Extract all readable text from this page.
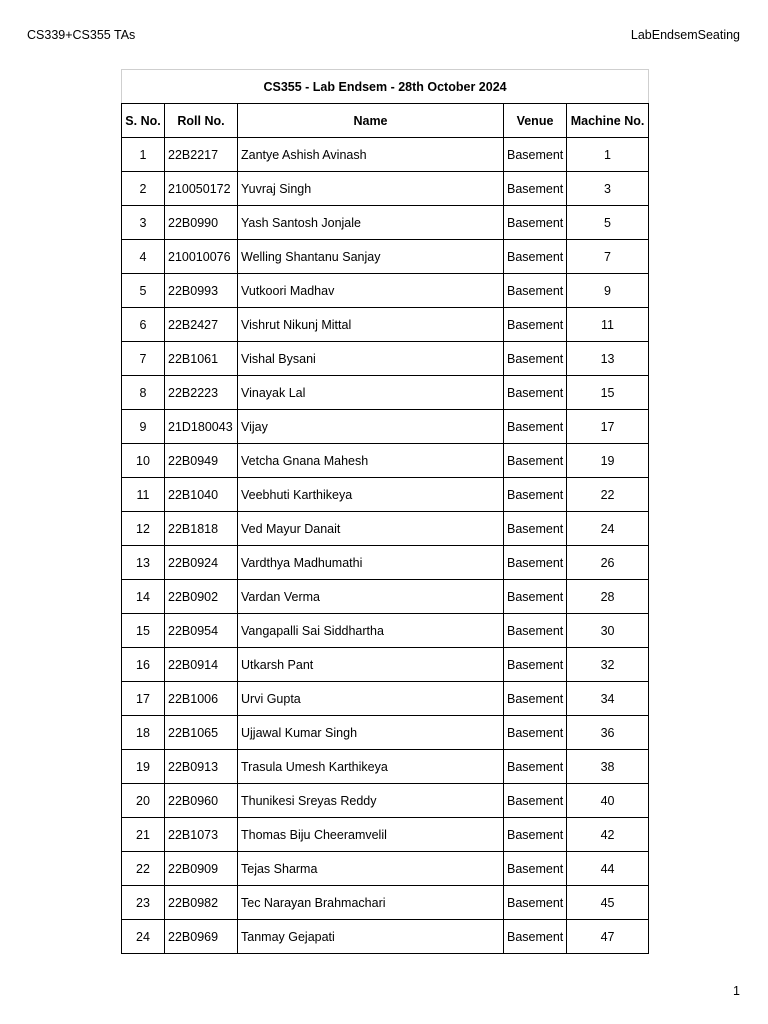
CS339+CS355 TAs	LabEndsemSeating
CS355 - Lab Endsem - 28th October 2024				
S. No.	Roll No.	Name	Venue	Machine No.
1	22B2217	Zantye Ashish Avinash	Basement	1
2	210050172	Yuvraj Singh	Basement	3
3	22B0990	Yash Santosh Jonjale	Basement	5
4	210010076	Welling Shantanu Sanjay	Basement	7
5	22B0993	Vutkoori Madhav	Basement	9
6	22B2427	Vishrut Nikunj Mittal	Basement	11
7	22B1061	Vishal Bysani	Basement	13
8	22B2223	Vinayak Lal	Basement	15
9	21D180043	Vijay	Basement	17
10	22B0949	Vetcha Gnana Mahesh	Basement	19
11	22B1040	Veebhuti Karthikeya	Basement	22
12	22B1818	Ved Mayur Danait	Basement	24
13	22B0924	Vardthya Madhumathi	Basement	26
14	22B0902	Vardan Verma	Basement	28
15	22B0954	Vangapalli Sai Siddhartha	Basement	30
16	22B0914	Utkarsh Pant	Basement	32
17	22B1006	Urvi Gupta	Basement	34
18	22B1065	Ujjawal Kumar Singh	Basement	36
19	22B0913	Trasula Umesh Karthikeya	Basement	38
20	22B0960	Thunikesi Sreyas Reddy	Basement	40
21	22B1073	Thomas Biju Cheeramvelil	Basement	42
22	22B0909	Tejas Sharma	Basement	44
23	22B0982	Tec Narayan Brahmachari	Basement	45
24	22B0969	Tanmay Gejapati	Basement	47
1
